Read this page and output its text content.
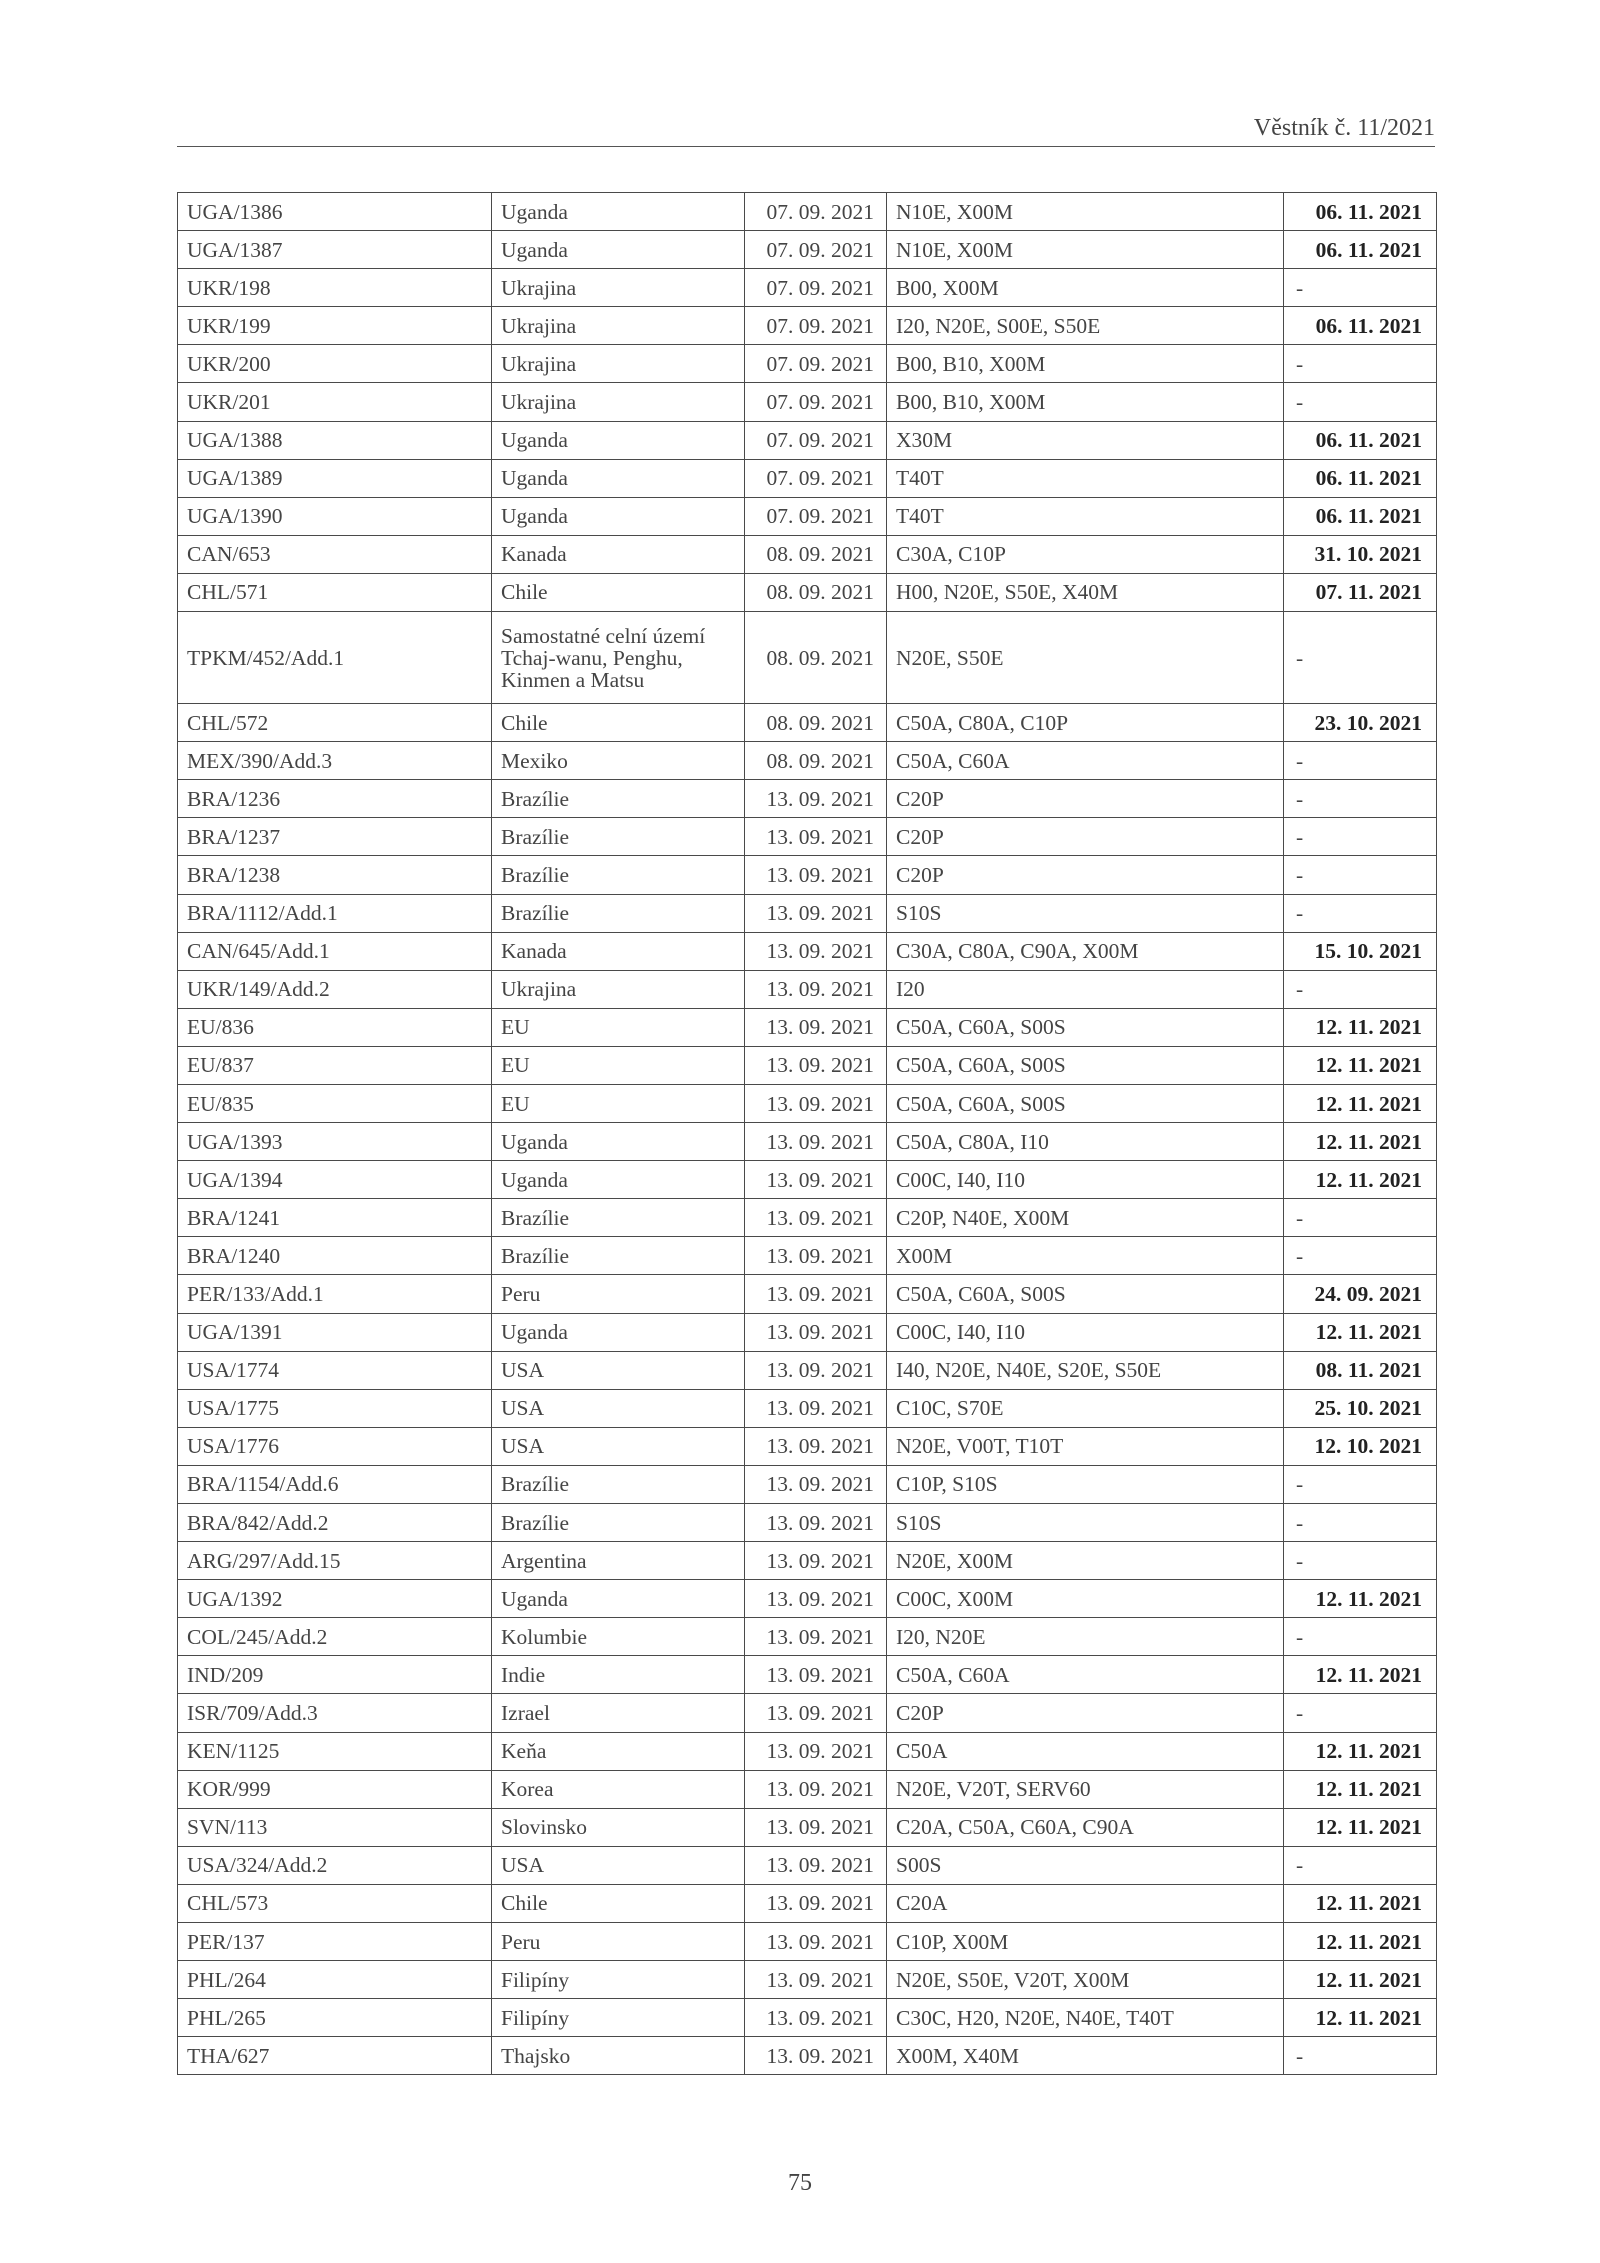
Věstník č. 11/2021
UGA/1386	Uganda	07. 09. 2021	N10E, X00M	06. 11. 2021
UGA/1387	Uganda	07. 09. 2021	N10E, X00M	06. 11. 2021
UKR/198	Ukrajina	07. 09. 2021	B00, X00M	-
UKR/199	Ukrajina	07. 09. 2021	I20, N20E, S00E, S50E	06. 11. 2021
UKR/200	Ukrajina	07. 09. 2021	B00, B10, X00M	-
UKR/201	Ukrajina	07. 09. 2021	B00, B10, X00M	-
UGA/1388	Uganda	07. 09. 2021	X30M	06. 11. 2021
UGA/1389	Uganda	07. 09. 2021	T40T	06. 11. 2021
UGA/1390	Uganda	07. 09. 2021	T40T	06. 11. 2021
CAN/653	Kanada	08. 09. 2021	C30A, C10P	31. 10. 2021
CHL/571	Chile	08. 09. 2021	H00, N20E, S50E, X40M	07. 11. 2021
TPKM/452/Add.1	Samostatné celní území Tchaj-wanu, Penghu, Kinmen a Matsu	08. 09. 2021	N20E, S50E	-
CHL/572	Chile	08. 09. 2021	C50A, C80A, C10P	23. 10. 2021
MEX/390/Add.3	Mexiko	08. 09. 2021	C50A, C60A	-
BRA/1236	Brazílie	13. 09. 2021	C20P	-
BRA/1237	Brazílie	13. 09. 2021	C20P	-
BRA/1238	Brazílie	13. 09. 2021	C20P	-
BRA/1112/Add.1	Brazílie	13. 09. 2021	S10S	-
CAN/645/Add.1	Kanada	13. 09. 2021	C30A, C80A, C90A, X00M	15. 10. 2021
UKR/149/Add.2	Ukrajina	13. 09. 2021	I20	-
EU/836	EU	13. 09. 2021	C50A, C60A, S00S	12. 11. 2021
EU/837	EU	13. 09. 2021	C50A, C60A, S00S	12. 11. 2021
EU/835	EU	13. 09. 2021	C50A, C60A, S00S	12. 11. 2021
UGA/1393	Uganda	13. 09. 2021	C50A, C80A, I10	12. 11. 2021
UGA/1394	Uganda	13. 09. 2021	C00C, I40, I10	12. 11. 2021
BRA/1241	Brazílie	13. 09. 2021	C20P, N40E, X00M	-
BRA/1240	Brazílie	13. 09. 2021	X00M	-
PER/133/Add.1	Peru	13. 09. 2021	C50A, C60A, S00S	24. 09. 2021
UGA/1391	Uganda	13. 09. 2021	C00C, I40, I10	12. 11. 2021
USA/1774	USA	13. 09. 2021	I40, N20E, N40E, S20E, S50E	08. 11. 2021
USA/1775	USA	13. 09. 2021	C10C, S70E	25. 10. 2021
USA/1776	USA	13. 09. 2021	N20E, V00T, T10T	12. 10. 2021
BRA/1154/Add.6	Brazílie	13. 09. 2021	C10P, S10S	-
BRA/842/Add.2	Brazílie	13. 09. 2021	S10S	-
ARG/297/Add.15	Argentina	13. 09. 2021	N20E, X00M	-
UGA/1392	Uganda	13. 09. 2021	C00C, X00M	12. 11. 2021
COL/245/Add.2	Kolumbie	13. 09. 2021	I20, N20E	-
IND/209	Indie	13. 09. 2021	C50A, C60A	12. 11. 2021
ISR/709/Add.3	Izrael	13. 09. 2021	C20P	-
KEN/1125	Keňa	13. 09. 2021	C50A	12. 11. 2021
KOR/999	Korea	13. 09. 2021	N20E, V20T, SERV60	12. 11. 2021
SVN/113	Slovinsko	13. 09. 2021	C20A, C50A, C60A, C90A	12. 11. 2021
USA/324/Add.2	USA	13. 09. 2021	S00S	-
CHL/573	Chile	13. 09. 2021	C20A	12. 11. 2021
PER/137	Peru	13. 09. 2021	C10P, X00M	12. 11. 2021
PHL/264	Filipíny	13. 09. 2021	N20E, S50E, V20T, X00M	12. 11. 2021
PHL/265	Filipíny	13. 09. 2021	C30C, H20, N20E, N40E, T40T	12. 11. 2021
THA/627	Thajsko	13. 09. 2021	X00M, X40M	-
75
